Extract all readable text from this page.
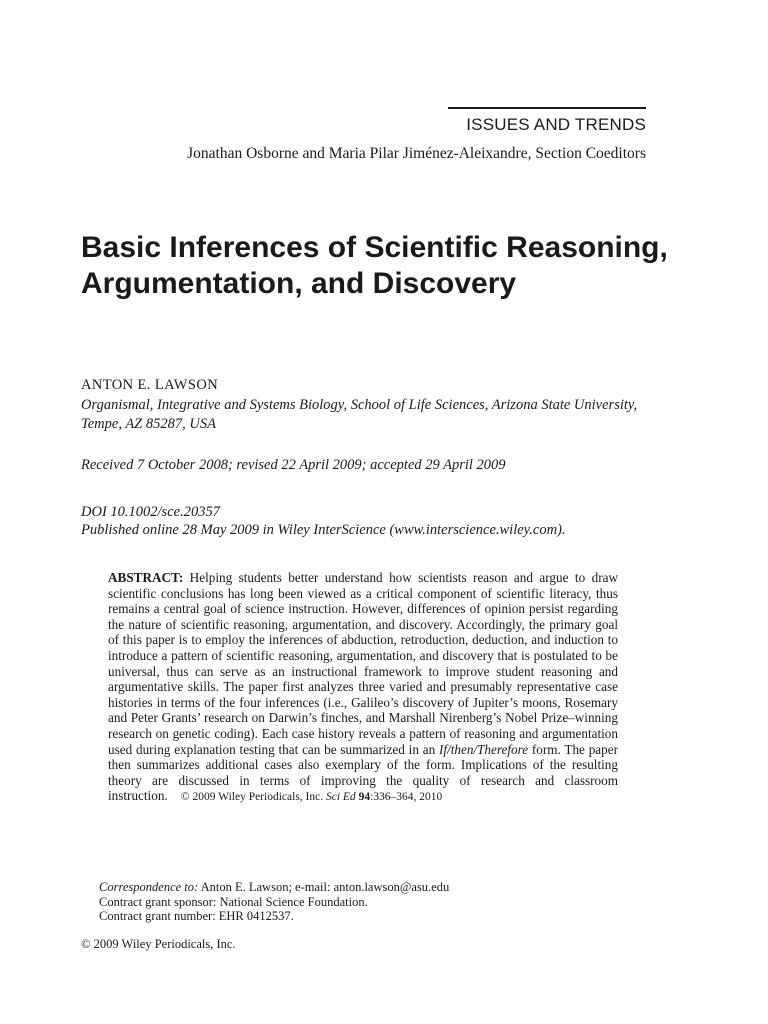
ISSUES AND TRENDS
Jonathan Osborne and Maria Pilar Jiménez-Aleixandre, Section Coeditors
Basic Inferences of Scientific Reasoning, Argumentation, and Discovery
ANTON E. LAWSON
Organismal, Integrative and Systems Biology, School of Life Sciences, Arizona State University, Tempe, AZ 85287, USA
Received 7 October 2008; revised 22 April 2009; accepted 29 April 2009
DOI 10.1002/sce.20357
Published online 28 May 2009 in Wiley InterScience (www.interscience.wiley.com).

ABSTRACT: Helping students better understand how scientists reason and argue to draw scientific conclusions has long been viewed as a critical component of scientific literacy, thus remains a central goal of science instruction. However, differences of opinion persist regarding the nature of scientific reasoning, argumentation, and discovery. Accordingly, the primary goal of this paper is to employ the inferences of abduction, retroduction, deduction, and induction to introduce a pattern of scientific reasoning, argumentation, and discovery that is postulated to be universal, thus can serve as an instructional framework to improve student reasoning and argumentative skills. The paper first analyzes three varied and presumably representative case histories in terms of the four inferences (i.e., Galileo’s discovery of Jupiter’s moons, Rosemary and Peter Grants’ research on Darwin’s finches, and Marshall Nirenberg’s Nobel Prize–winning research on genetic coding). Each case history reveals a pattern of reasoning and argumentation used during explanation testing that can be summarized in an If/then/Therefore form. The paper then summarizes additional cases also exemplary of the form. Implications of the resulting theory are discussed in terms of improving the quality of research and classroom instruction. © 2009 Wiley Periodicals, Inc. Sci Ed 94:336–364, 2010

Correspondence to: Anton E. Lawson; e-mail: anton.lawson@asu.edu
Contract grant sponsor: National Science Foundation.
Contract grant number: EHR 0412537.
© 2009 Wiley Periodicals, Inc.
